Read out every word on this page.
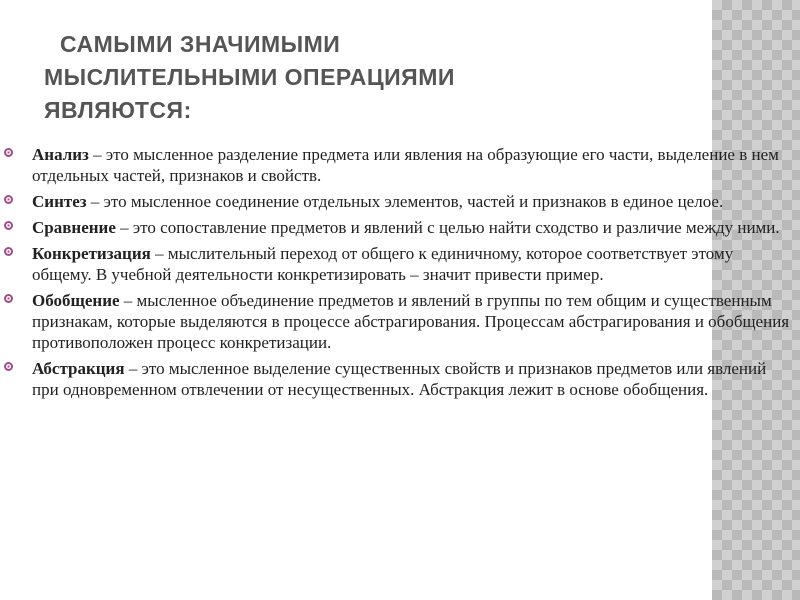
САМЫМИ ЗНАЧИМЫМИ
МЫСЛИТЕЛЬНЫМИ ОПЕРАЦИЯМИ
ЯВЛЯЮТСЯ:
Анализ – это мысленное разделение предмета или явления на образующие его части, выделение в нем отдельных частей, признаков и свойств.
Синтез – это мысленное соединение отдельных элементов, частей и признаков в единое целое.
Сравнение – это сопоставление предметов и явлений с целью найти сходство и различие между ними.
Конкретизация – мыслительный переход от общего к единичному, которое соответствует этому общему. В учебной деятельности конкретизировать – значит привести пример.
Обобщение – мысленное объединение предметов и явлений в группы по тем общим и существенным признакам, которые выделяются в процессе абстрагирования. Процессам абстрагирования и обобщения противоположен процесс конкретизации.
Абстракция – это мысленное выделение существенных свойств и признаков предметов или явлений при одновременном отвлечении от несущественных. Абстракция лежит в основе обобщения.
